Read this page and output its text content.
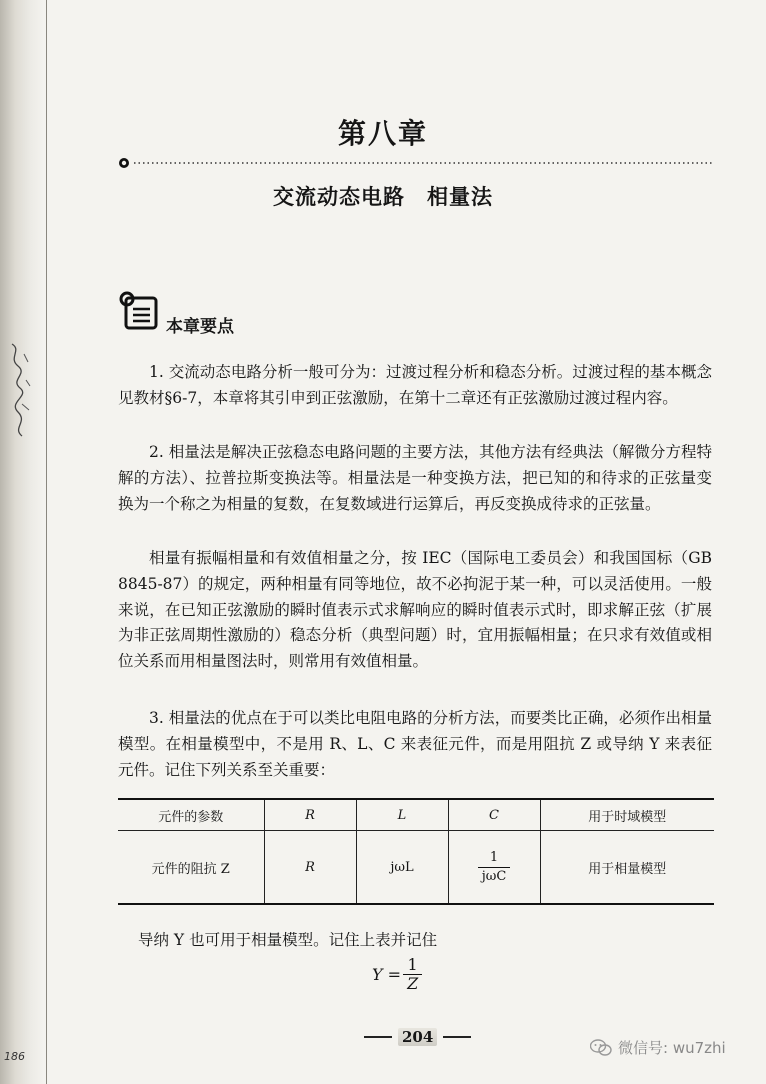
186
第八章
交流动态电路　相量法
本章要点
1. 交流动态电路分析一般可分为：过渡过程分析和稳态分析。过渡过程的基本概念见教材§6-7，本章将其引申到正弦激励，在第十二章还有正弦激励过渡过程内容。
2. 相量法是解决正弦稳态电路问题的主要方法，其他方法有经典法（解微分方程特解的方法）、拉普拉斯变换法等。相量法是一种变换方法，把已知的和待求的正弦量变换为一个称之为相量的复数，在复数域进行运算后，再反变换成待求的正弦量。
相量有振幅相量和有效值相量之分，按 IEC（国际电工委员会）和我国国标（GB 8845-87）的规定，两种相量有同等地位，故不必拘泥于某一种，可以灵活使用。一般来说，在已知正弦激励的瞬时值表示式求解响应的瞬时值表示式时，即求解正弦（扩展为非正弦周期性激励的）稳态分析（典型问题）时，宜用振幅相量；在只求有效值或相位关系而用相量图法时，则常用有效值相量。
3. 相量法的优点在于可以类比电阻电路的分析方法，而要类比正确，必须作出相量模型。在相量模型中，不是用 R、L、C 来表征元件，而是用阻抗 Z 或导纳 Y 来表征元件。记住下列关系至关重要：
元件的参数	R	L	C	用于时域模型
元件的阻抗 Z	R	jωL	$\frac{1}{\text{jωC}}$	用于相量模型
导纳 Y 也可用于相量模型。记住上表并记住
$Y = \frac{1}{Z}$
204
微信号: wu7zhi
